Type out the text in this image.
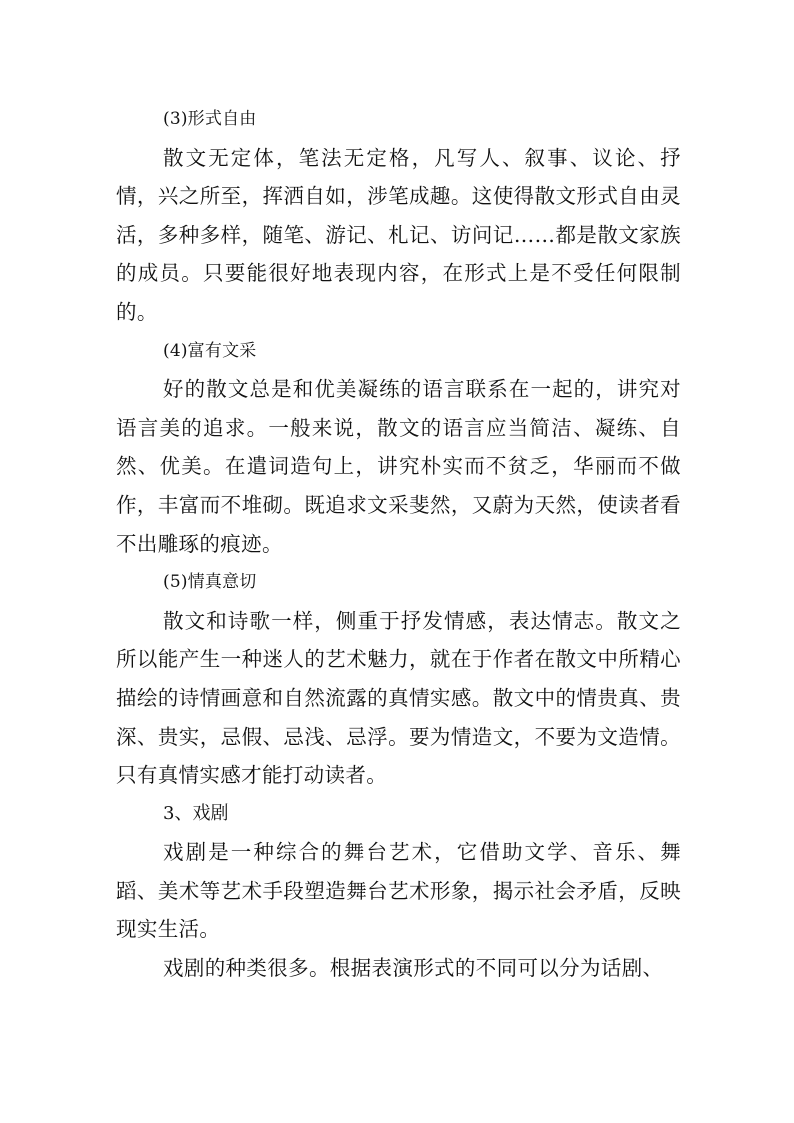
(3)形式自由

散文无定体，笔法无定格，凡写人、叙事、议论、抒情，兴之所至，挥洒自如，涉笔成趣。这使得散文形式自由灵活，多种多样，随笔、游记、札记、访问记……都是散文家族的成员。只要能很好地表现内容，在形式上是不受任何限制的。

(4)富有文采

好的散文总是和优美凝练的语言联系在一起的，讲究对语言美的追求。一般来说，散文的语言应当简洁、凝练、自然、优美。在遣词造句上，讲究朴实而不贫乏，华丽而不做作，丰富而不堆砌。既追求文采斐然，又蔚为天然，使读者看不出雕琢的痕迹。

(5)情真意切

散文和诗歌一样，侧重于抒发情感，表达情志。散文之所以能产生一种迷人的艺术魅力，就在于作者在散文中所精心描绘的诗情画意和自然流露的真情实感。散文中的情贵真、贵深、贵实，忌假、忌浅、忌浮。要为情造文，不要为文造情。只有真情实感才能打动读者。

3、戏剧

戏剧是一种综合的舞台艺术，它借助文学、音乐、舞蹈、美术等艺术手段塑造舞台艺术形象，揭示社会矛盾，反映现实生活。

戏剧的种类很多。根据表演形式的不同可以分为话剧、
